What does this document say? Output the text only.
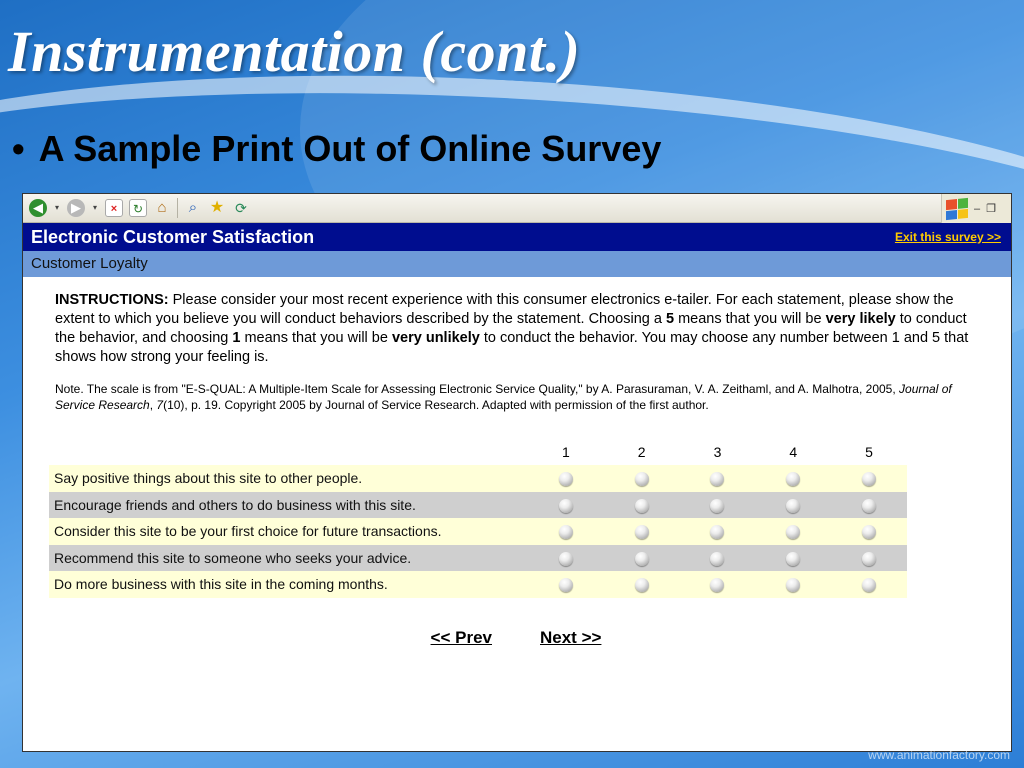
Instrumentation (cont.)
• A Sample Print Out of Online Survey
◀	▾ ▶	▾	×	↻ ⌂	⌕ ★ ⟳	– ❐
Electronic Customer Satisfaction	Exit this survey >>
Customer Loyalty

INSTRUCTIONS: Please consider your most recent experience with this consumer electronics e-tailer. For each statement, please show the extent to which you believe you will conduct behaviors described by the statement. Choosing a 5 means that you will be very likely to conduct the behavior, and choosing 1 means that you will be very unlikely to conduct the behavior. You may choose any number between 1 and 5 that shows how strong your feeling is.

Note. The scale is from "E-S-QUAL: A Multiple-Item Scale for Assessing Electronic Service Quality," by A. Parasuraman, V. A. Zeithaml, and A. Malhotra, 2005, Journal of Service Research, 7(10), p. 19. Copyright 2005 by Journal of Service Research. Adapted with permission of the first author.

	1	2	3	4	5
Say positive things about this site to other people.					
Encourage friends and others to do business with this site.					
Consider this site to be your first choice for future transactions.					
Recommend this site to someone who seeks your advice.					
Do more business with this site in the coming months.					
<< Prev	Next >>
www.animationfactory.com
